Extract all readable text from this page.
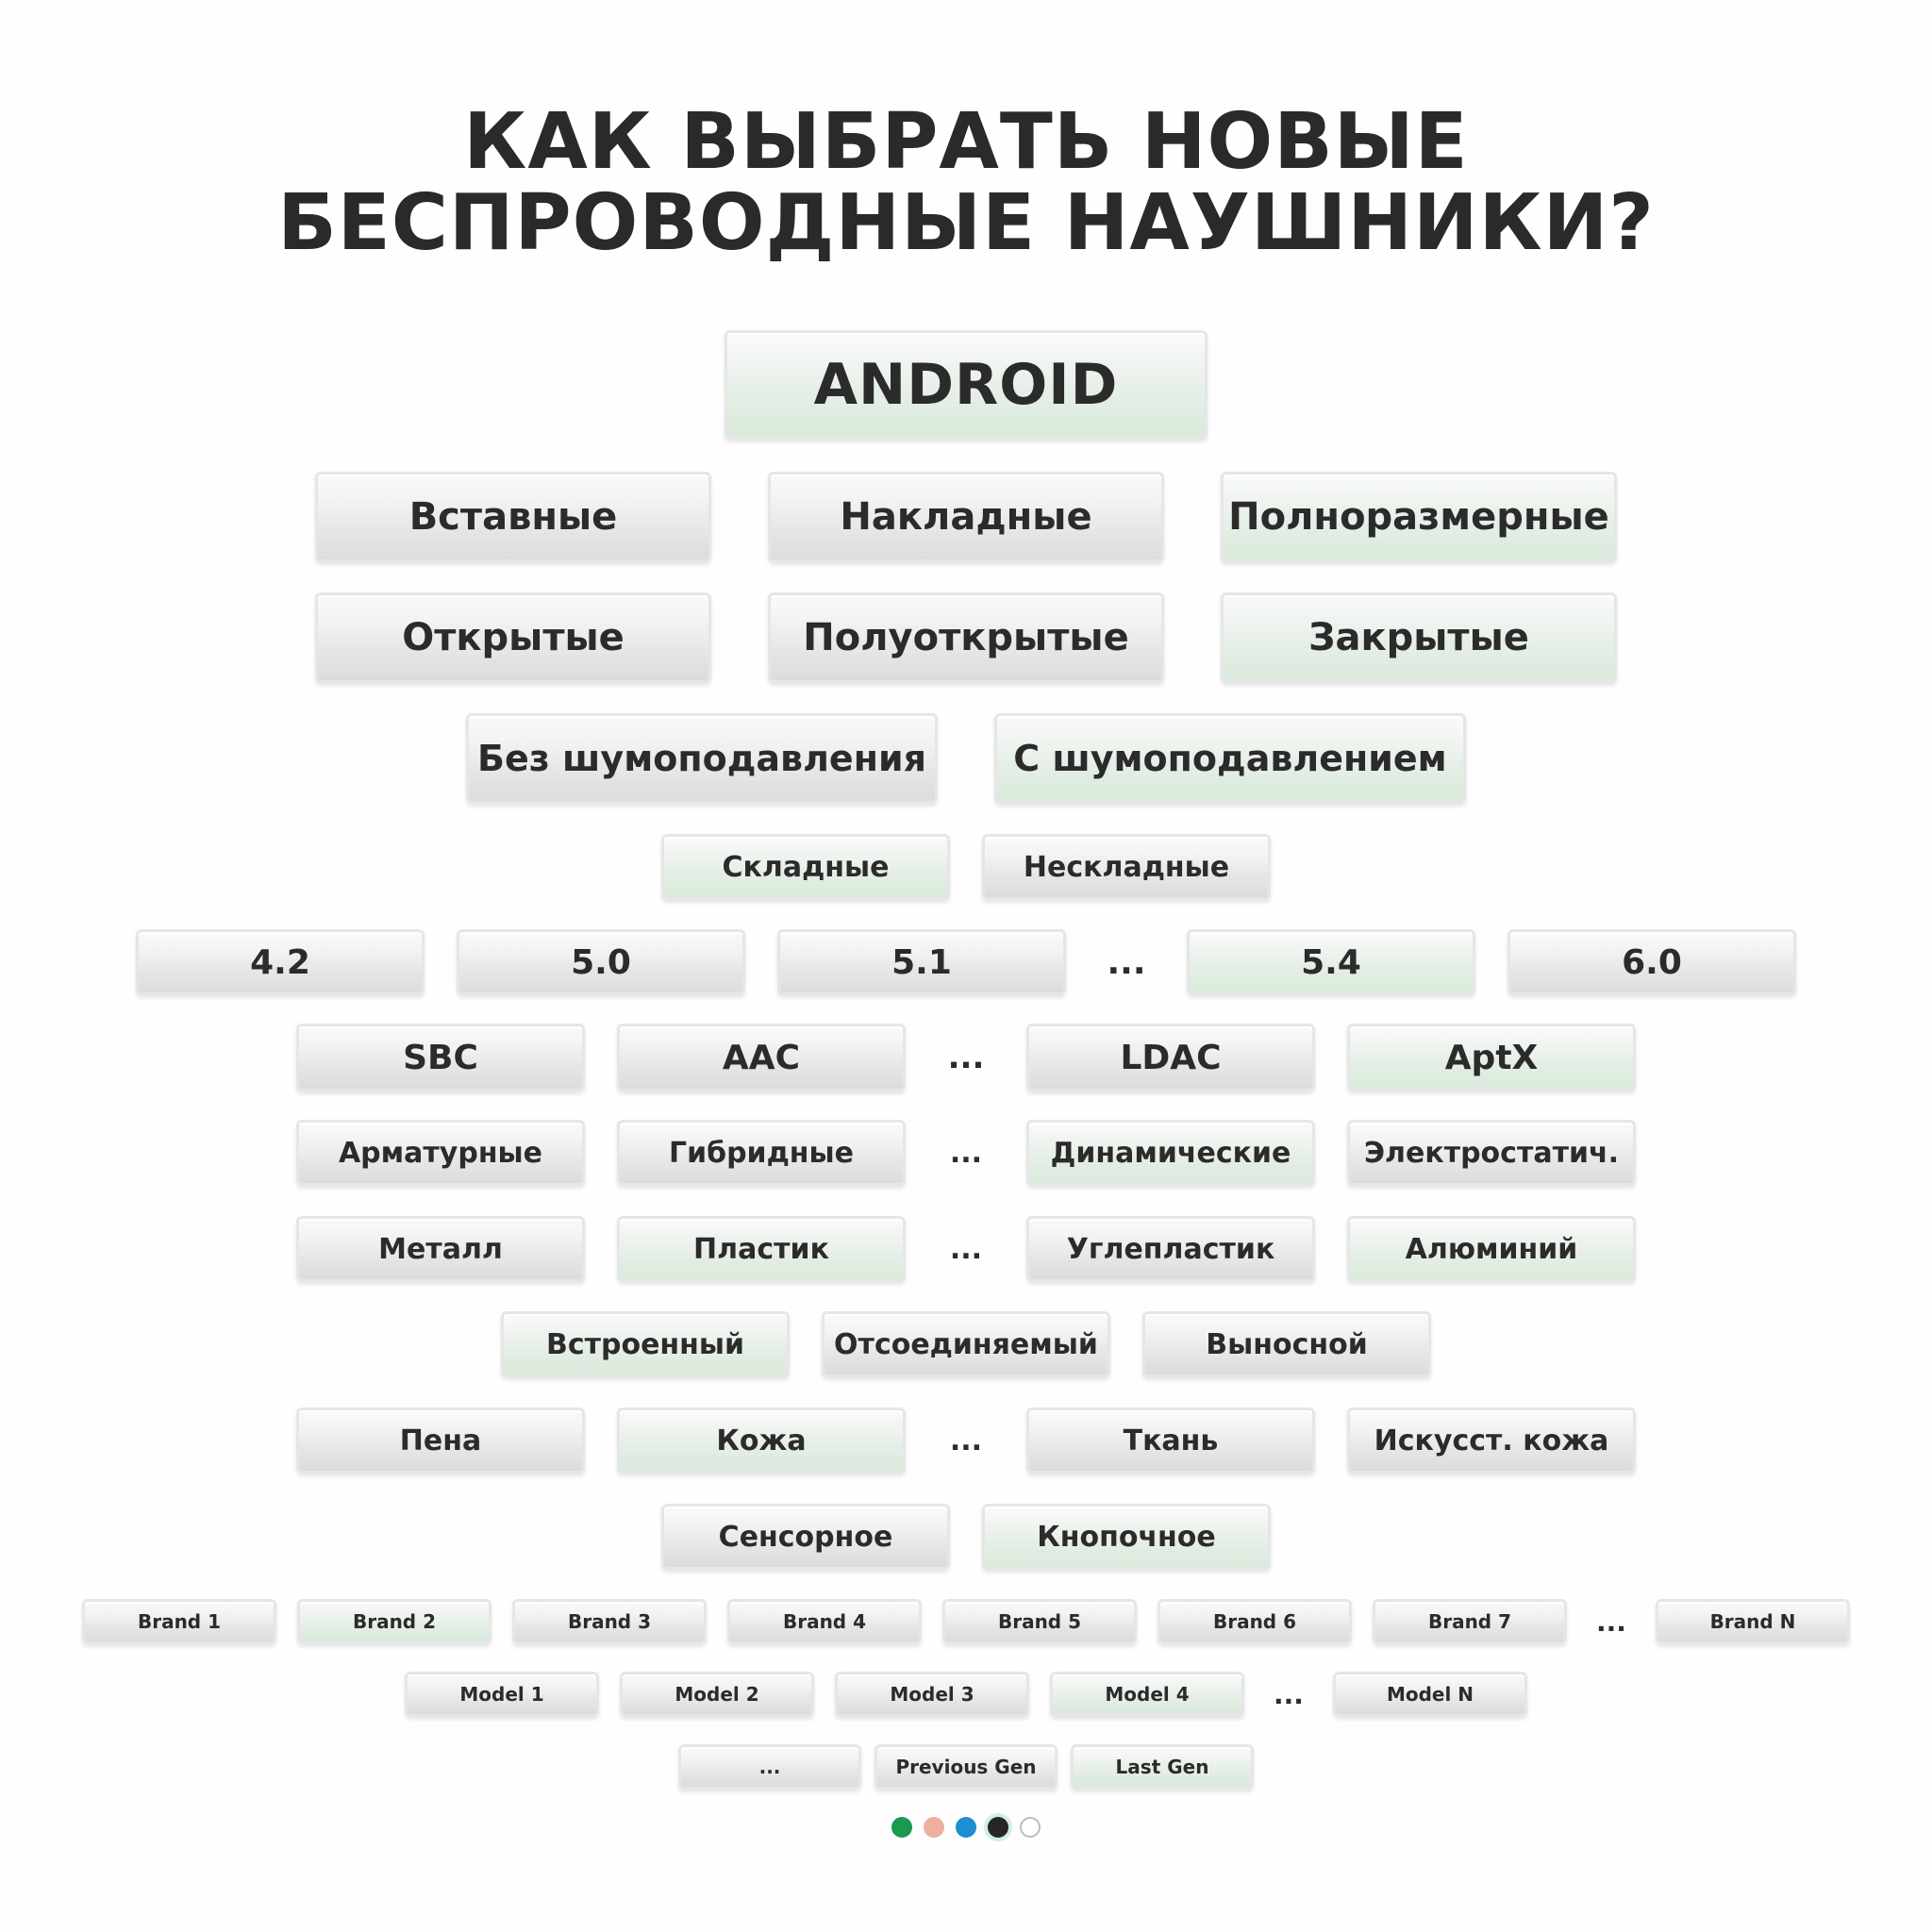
КАК ВЫБРАТЬ НОВЫЕ
БЕСПРОВОДНЫЕ НАУШНИКИ?
ANDROID
Вставные	Накладные	Полноразмерные
Открытые	Полуоткрытые	Закрытые
Без шумоподавления	С шумоподавлением
Складные	Нескладные
4.2	5.0	5.1	...	5.4	6.0
SBC	AAC	...	LDAC	AptX
Арматурные	Гибридные	...	Динамические	Электростатич.
Металл	Пластик	...	Углепластик	Алюминий
Встроенный	Отсоединяемый	Выносной
Пена	Кожа	...	Ткань	Искусст. кожа
Сенсорное	Кнопочное
Brand 1	Brand 2	Brand 3	Brand 4	Brand 5	Brand 6	Brand 7	...	Brand N
Model 1	Model 2	Model 3	Model 4	...	Model N
...	Previous Gen	Last Gen
